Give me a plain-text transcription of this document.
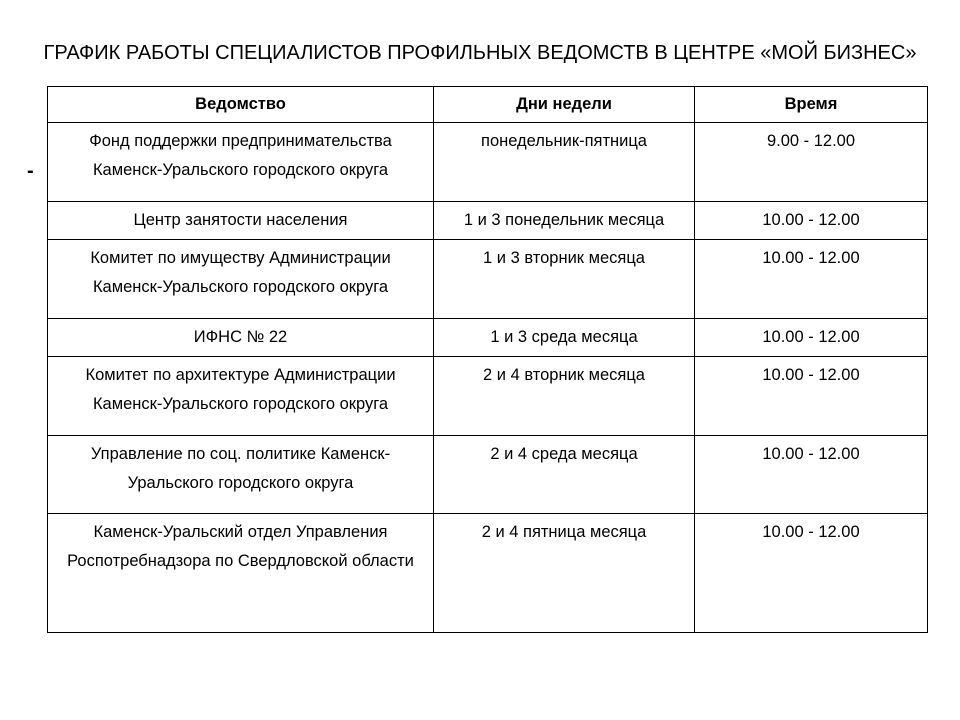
ГРАФИК РАБОТЫ СПЕЦИАЛИСТОВ ПРОФИЛЬНЫХ ВЕДОМСТВ В ЦЕНТРЕ «МОЙ БИЗНЕС»
-
Ведомство	Дни недели	Время
Фонд поддержки предпринимательства Каменск-Уральского городского округа	понедельник-пятница	9.00 - 12.00
Центр занятости населения	1 и 3 понедельник месяца	10.00 - 12.00
Комитет по имуществу Администрации Каменск-Уральского городского округа	1 и 3 вторник месяца	10.00 - 12.00
ИФНС № 22	1 и 3 среда месяца	10.00 - 12.00
Комитет по архитектуре Администрации Каменск-Уральского городского округа	2 и 4 вторник месяца	10.00 - 12.00
Управление по соц. политике Каменск-Уральского городского округа	2 и 4 среда месяца	10.00 - 12.00
Каменск-Уральский отдел Управления Роспотребнадзора по Свердловской области	2 и 4 пятница месяца	10.00 - 12.00
